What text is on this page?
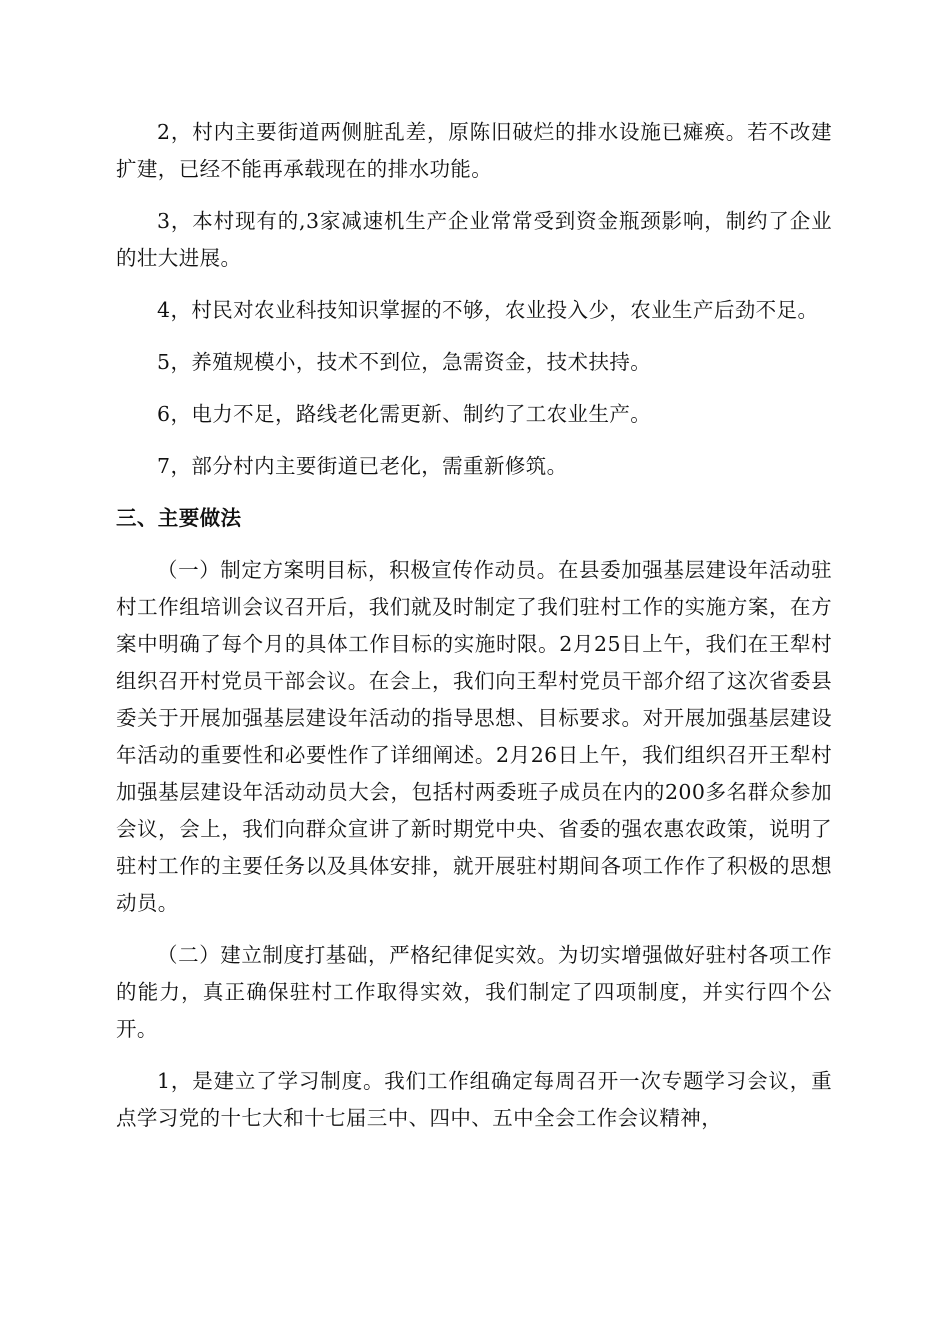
2，村内主要街道两侧脏乱差，原陈旧破烂的排水设施已瘫痪。若不改建扩建，已经不能再承载现在的排水功能。

3，本村现有的,3家减速机生产企业常常受到资金瓶颈影响，制约了企业的壮大进展。

4，村民对农业科技知识掌握的不够，农业投入少，农业生产后劲不足。

5，养殖规模小，技术不到位，急需资金，技术扶持。

6，电力不足，路线老化需更新、制约了工农业生产。

7，部分村内主要街道已老化，需重新修筑。

三、主要做法

（一）制定方案明目标，积极宣传作动员。在县委加强基层建设年活动驻村工作组培训会议召开后，我们就及时制定了我们驻村工作的实施方案，在方案中明确了每个月的具体工作目标的实施时限。2月25日上午，我们在王犁村组织召开村党员干部会议。在会上，我们向王犁村党员干部介绍了这次省委县委关于开展加强基层建设年活动的指导思想、目标要求。对开展加强基层建设年活动的重要性和必要性作了详细阐述。2月26日上午，我们组织召开王犁村加强基层建设年活动动员大会，包括村两委班子成员在内的200多名群众参加会议，会上，我们向群众宣讲了新时期党中央、省委的强农惠农政策，说明了驻村工作的主要任务以及具体安排，就开展驻村期间各项工作作了积极的思想动员。

（二）建立制度打基础，严格纪律促实效。为切实增强做好驻村各项工作的能力，真正确保驻村工作取得实效，我们制定了四项制度，并实行四个公开。

1，是建立了学习制度。我们工作组确定每周召开一次专题学习会议，重点学习党的十七大和十七届三中、四中、五中全会工作会议精神，
